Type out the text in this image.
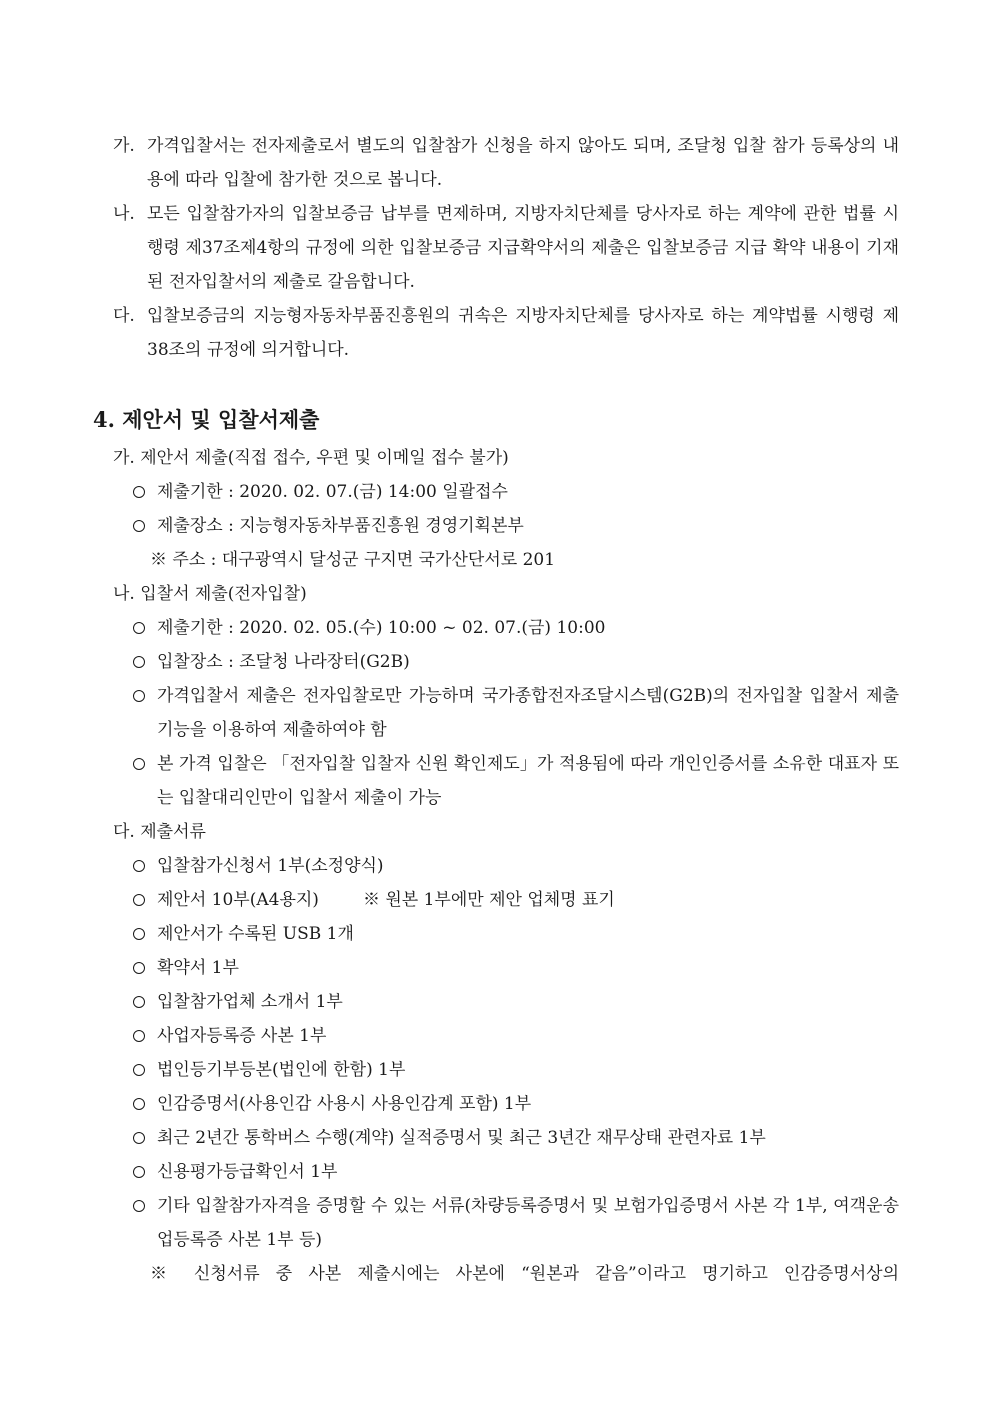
가. 가격입찰서는 전자제출로서 별도의 입찰참가 신청을 하지 않아도 되며, 조달청 입찰 참가 등록상의 내용에 따라 입찰에 참가한 것으로 봅니다.
나. 모든 입찰참가자의 입찰보증금 납부를 면제하며, 지방자치단체를 당사자로 하는 계약에 관한 법률 시행령 제37조제4항의 규정에 의한 입찰보증금 지급확약서의 제출은 입찰보증금 지급 확약 내용이 기재된 전자입찰서의 제출로 갈음합니다.
다. 입찰보증금의 지능형자동차부품진흥원의 귀속은 지방자치단체를 당사자로 하는 계약법률 시행령 제38조의 규정에 의거합니다.
4. 제안서 및 입찰서제출
가. 제안서 제출(직접 접수, 우편 및 이메일 접수 불가)
제출기한 : 2020. 02. 07.(금) 14:00 일괄접수
제출장소 : 지능형자동차부품진흥원 경영기획본부
※ 주소 : 대구광역시 달성군 구지면 국가산단서로 201
나. 입찰서 제출(전자입찰)
제출기한 : 2020. 02. 05.(수) 10:00 ~ 02. 07.(금) 10:00
입찰장소 : 조달청 나라장터(G2B)
가격입찰서 제출은 전자입찰로만 가능하며 국가종합전자조달시스템(G2B)의 전자입찰 입찰서 제출기능을 이용하여 제출하여야 함
본 가격 입찰은 「전자입찰 입찰자 신원 확인제도」가 적용됨에 따라 개인인증서를 소유한 대표자 또는 입찰대리인만이 입찰서 제출이 가능
다. 제출서류
입찰참가신청서 1부(소정양식)
제안서 10부(A4용지)	※ 원본 1부에만 제안 업체명 표기
제안서가 수록된 USB 1개
확약서 1부
입찰참가업체 소개서 1부
사업자등록증 사본 1부
법인등기부등본(법인에 한함) 1부
인감증명서(사용인감 사용시 사용인감계 포함) 1부
최근 2년간 통학버스 수행(계약) 실적증명서 및 최근 3년간 재무상태 관련자료 1부
신용평가등급확인서 1부
기타 입찰참가자격을 증명할 수 있는 서류(차량등록증명서 및 보험가입증명서 사본 각 1부, 여객운송업등록증 사본 1부 등)
※ 신청서류 중 사본 제출시에는 사본에 “원본과 같음”이라고 명기하고 인감증명서상의
